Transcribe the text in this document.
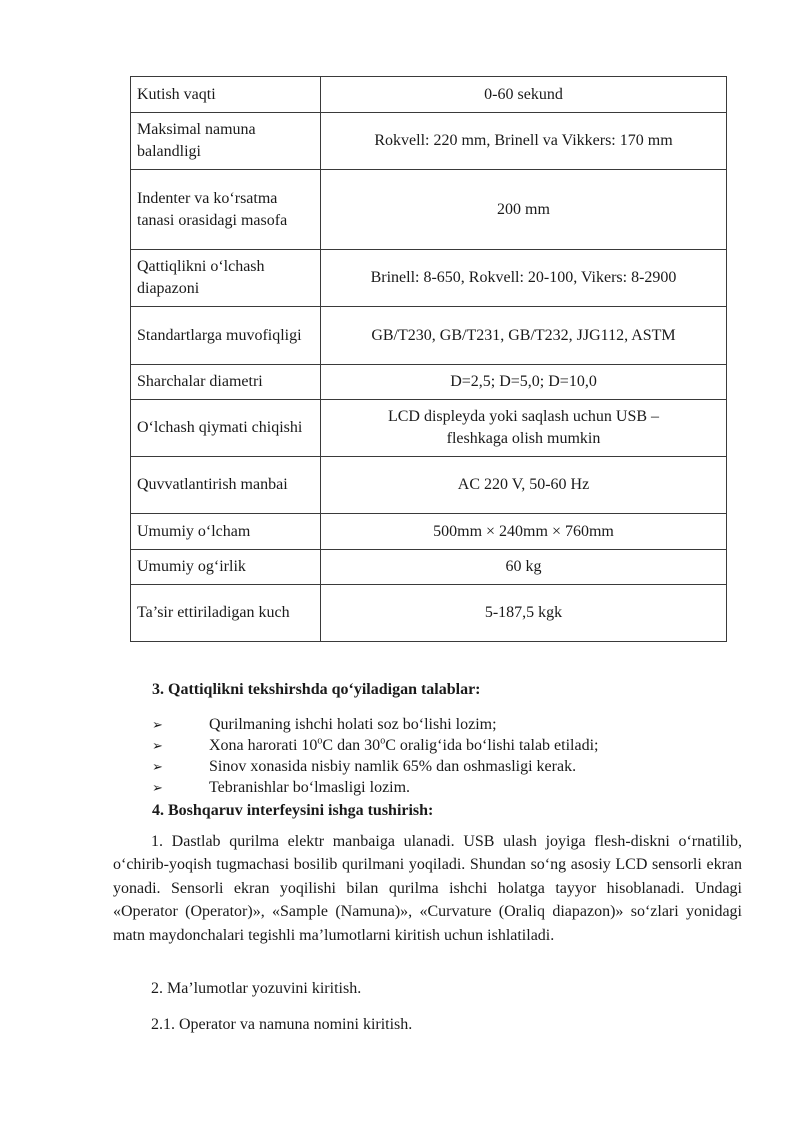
Kutish vaqti	0-60 sekund
Maksimal namuna balandligi	Rokvell: 220 mm, Brinell va Vikkers: 170 mm
Indenter va ko‘rsatma tanasi orasidagi masofa	200 mm
Qattiqlikni o‘lchash diapazoni	Brinell: 8-650, Rokvell: 20-100, Vikers: 8-2900
Standartlarga muvofiqligi	GB/T230, GB/T231, GB/T232, JJG112, ASTM
Sharchalar diametri	D=2,5; D=5,0; D=10,0
O‘lchash qiymati chiqishi	LCD displeyda yoki saqlash uchun USB – fleshkaga olish mumkin
Quvvatlantirish manbai	AC 220 V, 50-60 Hz
Umumiy o‘lcham	500mm × 240mm × 760mm
Umumiy og‘irlik	60 kg
Ta’sir ettiriladigan kuch	5-187,5 kgk
3. Qattiqlikni tekshirshda qo‘yiladigan talablar:
➢	Qurilmaning ishchi holati soz bo‘lishi lozim;
➢	Xona harorati 10$^o$C dan 30$^o$C oralig‘ida bo‘lishi talab etiladi;
➢	Sinov xonasida nisbiy namlik 65% dan oshmasligi kerak.
➢	Tebranishlar bo‘lmasligi lozim.
4. Boshqaruv interfeysini ishga tushirish:

1. Dastlab qurilma elektr manbaiga ulanadi. USB ulash joyiga flesh-diskni o‘rnatilib, o‘chirib-yoqish tugmachasi bosilib qurilmani yoqiladi. Shundan so‘ng asosiy LCD sensorli ekran yonadi. Sensorli ekran yoqilishi bilan qurilma ishchi holatga tayyor hisoblanadi. Undagi «Operator (Operator)», «Sample (Namuna)», «Curvature (Oraliq diapazon)» so‘zlari yonidagi matn maydonchalari tegishli ma’lumotlarni kiritish uchun ishlatiladi.

2. Ma’lumotlar yozuvini kiritish.
2.1. Operator va namuna nomini kiritish.
